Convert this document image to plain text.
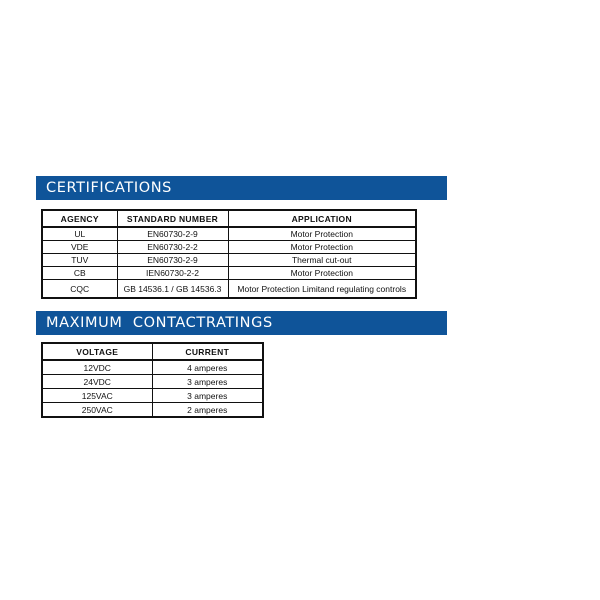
CERTIFICATIONS
AGENCY	STANDARD NUMBER	APPLICATION
UL	EN60730-2-9	Motor Protection
VDE	EN60730-2-2	Motor Protection
TUV	EN60730-2-9	Thermal cut-out
CB	IEN60730-2-2	Motor Protection
CQC	GB 14536.1 / GB 14536.3	Motor Protection Limitand regulating controls
MAXIMUM  CONTACTRATINGS
VOLTAGE	CURRENT
12VDC	4 amperes
24VDC	3 amperes
125VAC	3 amperes
250VAC	2 amperes
